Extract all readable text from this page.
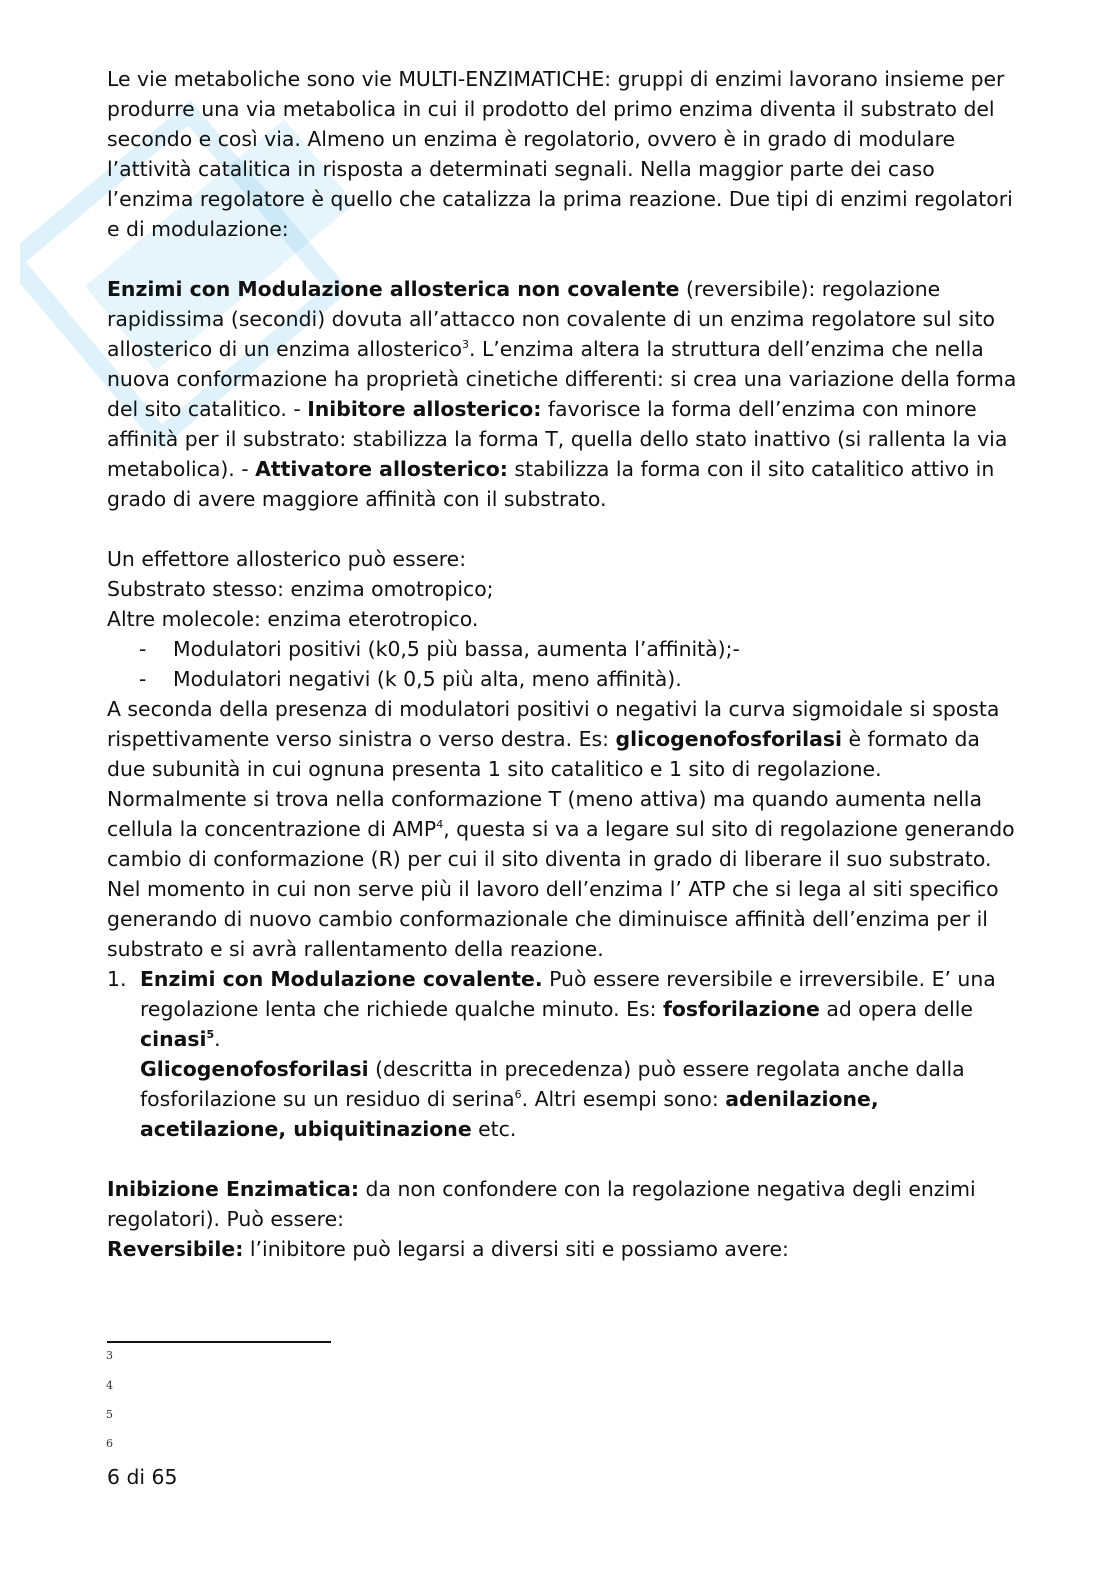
Le vie metaboliche sono vie MULTI-ENZIMATICHE: gruppi di enzimi lavorano insieme per produrre una via metabolica in cui il prodotto del primo enzima diventa il substrato del secondo e così via. Almeno un enzima è regolatorio, ovvero è in grado di modulare l’attività catalitica in risposta a determinati segnali. Nella maggior parte dei caso l’enzima regolatore è quello che catalizza la prima reazione. Due tipi di enzimi regolatori e di modulazione:

Enzimi con Modulazione allosterica non covalente (reversibile): regolazione rapidissima (secondi) dovuta all’attacco non covalente di un enzima regolatore sul sito allosterico di un enzima allosterico$^3$. L’enzima altera la struttura dell’enzima che nella nuova conformazione ha proprietà cinetiche differenti: si crea una variazione della forma del sito catalitico. - Inibitore allosterico: favorisce la forma dell’enzima con minore affinità per il substrato: stabilizza la forma T, quella dello stato inattivo (si rallenta la via metabolica). - Attivatore allosterico: stabilizza la forma con il sito catalitico attivo in grado di avere maggiore affinità con il substrato.

Un effettore allosterico può essere:

Substrato stesso: enzima omotropico;

Altre molecole: enzima eterotropico.

- Modulatori positivi (k0,5 più bassa, aumenta l’affinità);-
- Modulatori negativi (k 0,5 più alta, meno affinità).

A seconda della presenza di modulatori positivi o negativi la curva sigmoidale si sposta rispettivamente verso sinistra o verso destra. Es: glicogenofosforilasi è formato da due subunità in cui ognuna presenta 1 sito catalitico e 1 sito di regolazione. Normalmente si trova nella conformazione T (meno attiva) ma quando aumenta nella cellula la concentrazione di AMP$^4$, questa si va a legare sul sito di regolazione generando cambio di conformazione (R) per cui il sito diventa in grado di liberare il suo substrato. Nel momento in cui non serve più il lavoro dell’enzima l’ ATP che si lega al siti specifico generando di nuovo cambio conformazionale che diminuisce affinità dell’enzima per il substrato e si avrà rallentamento della reazione.

1. Enzimi con Modulazione covalente. Può essere reversibile e irreversibile. E’ una regolazione lenta che richiede qualche minuto. Es: fosforilazione ad opera delle cinasi$^5$.
Glicogenofosforilasi (descritta in precedenza) può essere regolata anche dalla fosforilazione su un residuo di serina$^6$. Altri esempi sono: adenilazione, acetilazione, ubiquitinazione etc.

Inibizione Enzimatica: da non confondere con la regolazione negativa degli enzimi regolatori). Può essere:

Reversibile: l’inibitore può legarsi a diversi siti e possiamo avere:

3
4
5
6
6 di 65
